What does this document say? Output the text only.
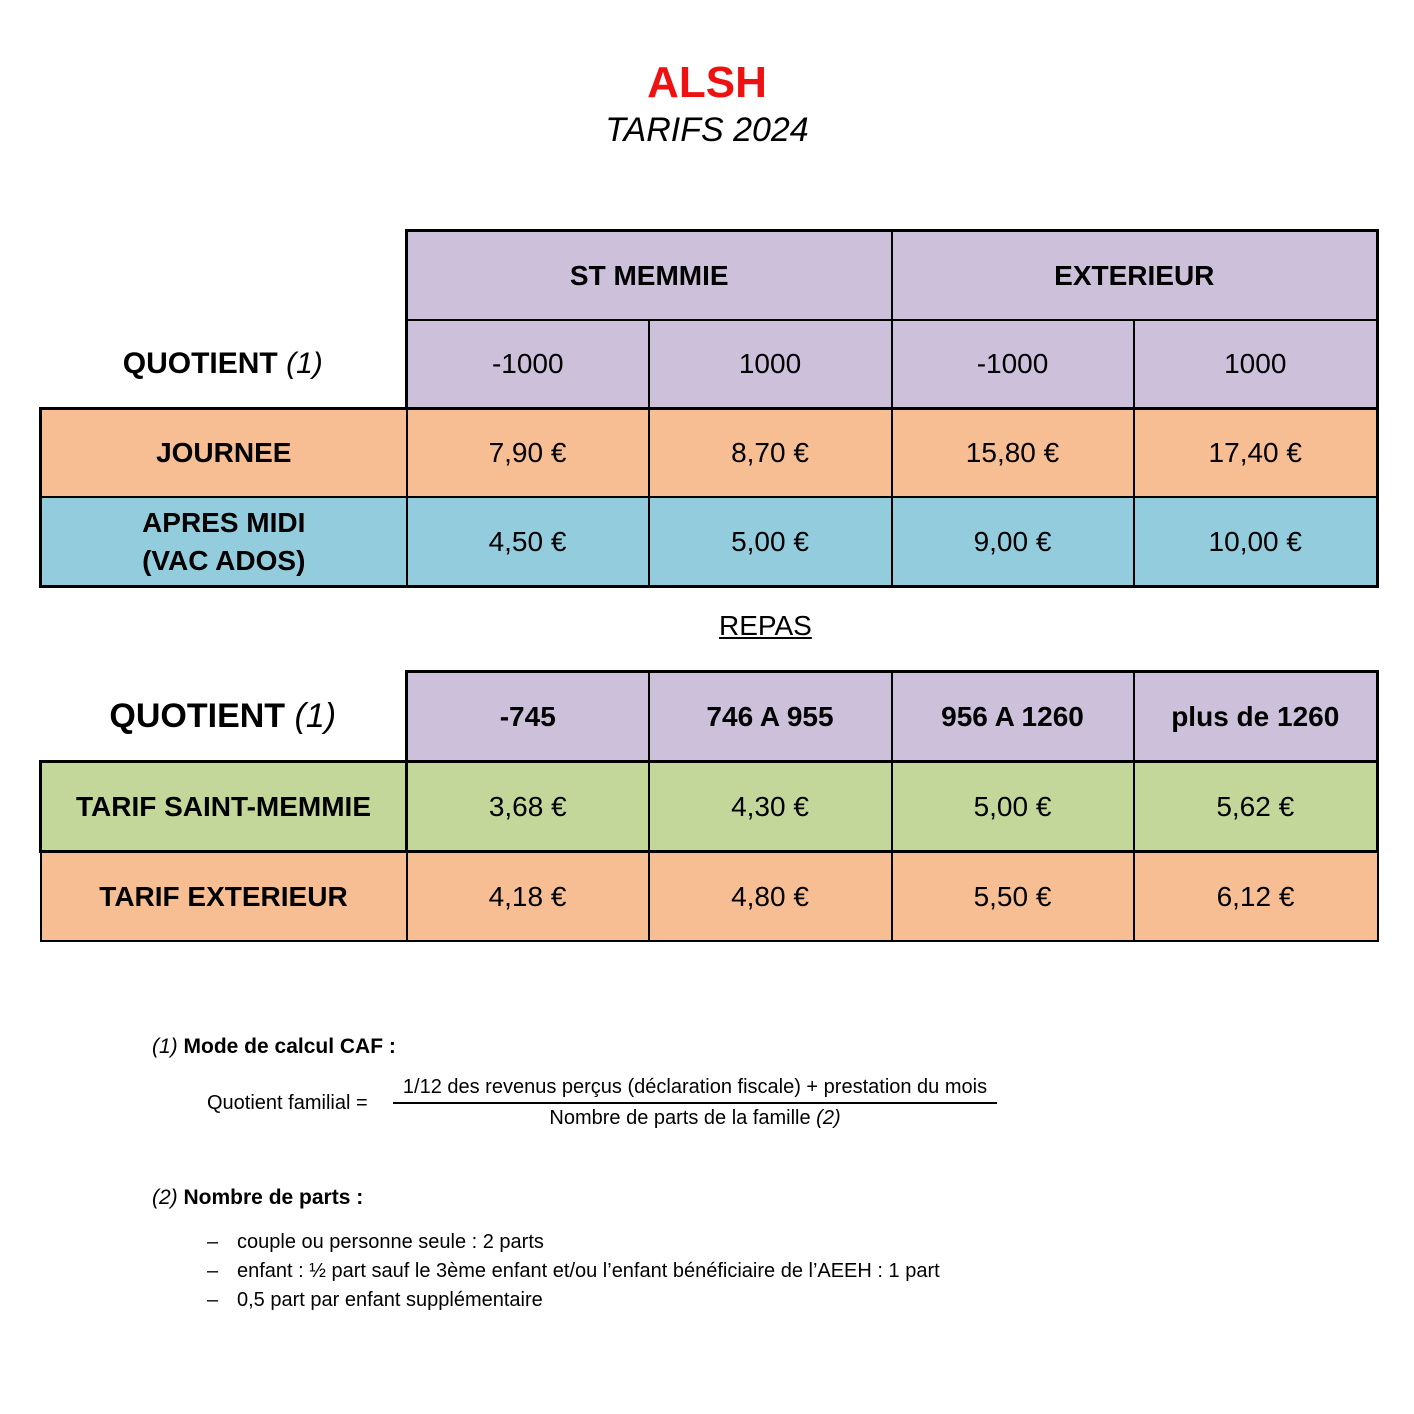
ALSH
TARIFS 2024
	ST MEMMIE		EXTERIEUR	
QUOTIENT (1)	-1000	1000	-1000	1000
JOURNEE	7,90 €	8,70 €	15,80 €	17,40 €

APRES MIDI
(VAC ADOS)	4,50 €	5,00 €	9,00 €	10,00 €
REPAS
QUOTIENT (1)	-745	746 A 955	956 A 1260	plus de 1260
TARIF SAINT-MEMMIE	3,68 €	4,30 €	5,00 €	5,62 €
TARIF EXTERIEUR	4,18 €	4,80 €	5,50 €	6,12 €
(1) Mode de calcul CAF :
Quotient familial =
1/12 des revenus perçus (déclaration fiscale) + prestation du mois
Nombre de parts de la famille (2)
(2) Nombre de parts :
– couple ou personne seule : 2 parts
– enfant : ½ part sauf le 3ème enfant et/ou l’enfant bénéficiaire de l’AEEH : 1 part
– 0,5 part par enfant supplémentaire
